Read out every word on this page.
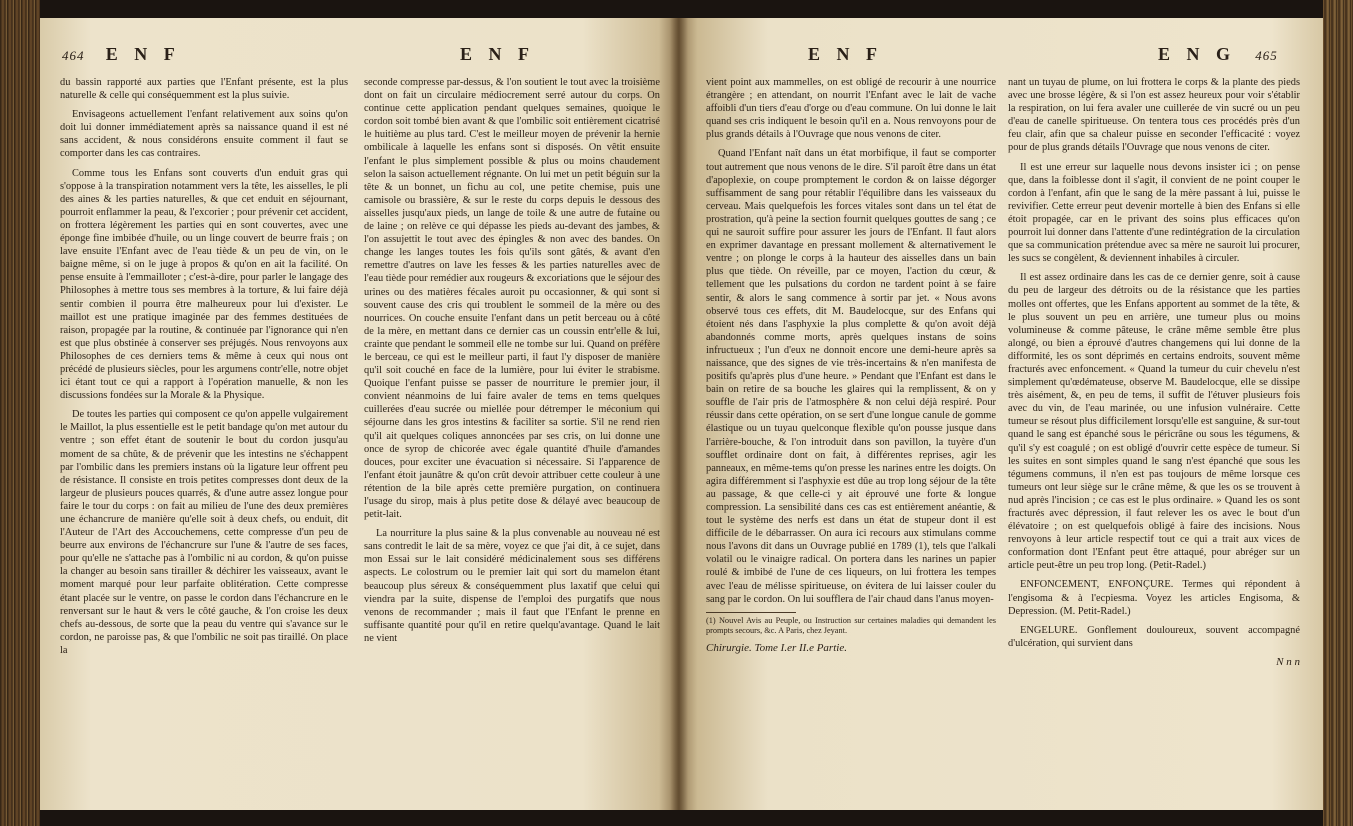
464 E N F	E N F

du bassin rapporté aux parties que l'Enfant présente, est la plus naturelle & celle qui conséquemment est la plus suivie.

Envisageons actuellement l'enfant relativement aux soins qu'on doit lui donner immédiatement après sa naissance quand il est né sans accident, & nous considérons ensuite comment il faut se comporter dans les cas contraires.

Comme tous les Enfans sont couverts d'un enduit gras qui s'oppose à la transpiration notamment vers la tête, les aisselles, le pli des aines & les parties naturelles, & que cet enduit en séjournant, pourroit enflammer la peau, & l'excorier ; pour prévenir cet accident, on frottera légèrement les parties qui en sont couvertes, avec une éponge fine imbibée d'huile, ou un linge couvert de beurre frais ; on lave ensuite l'Enfant avec de l'eau tiède & un peu de vin, on le baigne même, si on le juge à propos & qu'on en ait la facilité. On pense ensuite à l'emmailloter ; c'est-à-dire, pour parler le langage des Philosophes à mettre tous ses membres à la torture, & lui faire déjà sentir combien il pourra être malheureux pour lui d'exister. Le maillot est une pratique imaginée par des femmes destituées de raison, propagée par la routine, & continuée par l'ignorance qui n'en est que plus obstinée à conserver ses préjugés. Nous renvoyons aux Philosophes de ces derniers tems & même à ceux qui nous ont précédé de plusieurs siècles, pour les argumens contr'elle, notre objet ici étant tout ce qui a rapport à l'opération manuelle, & non les discussions fondées sur la Morale & la Physique.

De toutes les parties qui composent ce qu'on appelle vulgairement le Maillot, la plus essentielle est le petit bandage qu'on met autour du ventre ; son effet étant de soutenir le bout du cordon jusqu'au moment de sa chûte, & de prévenir que les intestins ne s'échappent par l'ombilic dans les premiers instans où la ligature leur offrent peu de résistance. Il consiste en trois petites compresses dont deux de la largeur de plusieurs pouces quarrés, & d'une autre assez longue pour faire le tour du corps : on fait au milieu de l'une des deux premières une échancrure de manière qu'elle soit à deux chefs, ou enduit, dit l'Auteur de l'Art des Accouchemens, cette compresse d'un peu de beurre aux environs de l'échancrure sur l'une & l'autre de ses faces, pour qu'elle ne s'attache pas à l'ombilic ni au cordon, & qu'on puisse la changer au besoin sans tirailler & déchirer les vaisseaux, avant le moment marqué pour leur parfaite oblitération. Cette compresse étant placée sur le ventre, on passe le cordon dans l'échancrure en le renversant sur le haut & vers le côté gauche, & l'on croise les deux chefs au-dessous, de sorte que la peau du ventre qui s'avance sur le cordon, ne paroisse pas, & que l'ombilic ne soit pas tiraillé. On place la

seconde compresse par-dessus, & l'on soutient le tout avec la troisième dont on fait un circulaire médiocrement serré autour du corps. On continue cette application pendant quelques semaines, quoique le cordon soit tombé bien avant & que l'ombilic soit entièrement cicatrisé le huitième au plus tard. C'est le meilleur moyen de prévenir la hernie ombilicale à laquelle les enfans sont si disposés. On vêtit ensuite l'enfant le plus simplement possible & plus ou moins chaudement selon la saison actuellement régnante. On lui met un petit béguin sur la tête & un bonnet, un fichu au col, une petite chemise, puis une camisole ou brassière, & sur le reste du corps depuis le dessous des aisselles jusqu'aux pieds, un lange de toile & une autre de futaine ou de laine ; on relève ce qui dépasse les pieds au-devant des jambes, & l'on assujettit le tout avec des épingles & non avec des bandes. On change les langes toutes les fois qu'ils sont gâtés, & avant d'en remettre d'autres on lave les fesses & les parties naturelles avec de l'eau tiède pour remédier aux rougeurs & excoriations que le séjour des urines ou des matières fécales auroit pu occasionner, & qui sont si souvent cause des cris qui troublent le sommeil de la mère ou des nourrices. On couche ensuite l'enfant dans un petit berceau ou à côté de la mère, en mettant dans ce dernier cas un coussin entr'elle & lui, crainte que pendant le sommeil elle ne tombe sur lui. Quand on préfère le berceau, ce qui est le meilleur parti, il faut l'y disposer de manière qu'il soit couché en face de la lumière, pour lui éviter le strabisme. Quoique l'enfant puisse se passer de nourriture le premier jour, il convient néanmoins de lui faire avaler de tems en tems quelques cuillerées d'eau sucrée ou miellée pour détremper le méconium qui séjourne dans les gros intestins & faciliter sa sortie. S'il ne rend rien qu'il ait quelques coliques annoncées par ses cris, on lui donne une once de syrop de chicorée avec égale quantité d'huile d'amandes douces, pour exciter une évacuation si nécessaire. Si l'apparence de l'enfant étoit jaunâtre & qu'on crût devoir attribuer cette couleur à une rétention de la bile après cette première purgation, on continuera l'usage du sirop, mais à plus petite dose & délayé avec beaucoup de petit-lait.

La nourriture la plus saine & la plus convenable au nouveau né est sans contredit le lait de sa mère, voyez ce que j'ai dit, à ce sujet, dans mon Essai sur le lait considéré médicinalement sous ses différens aspects. Le colostrum ou le premier lait qui sort du mamelon étant beaucoup plus séreux & conséquemment plus laxatif que celui qui viendra par la suite, dispense de l'emploi des purgatifs que nous venons de recommander ; mais il faut que l'Enfant le prenne en suffisante quantité pour qu'il en retire quelqu'avantage. Quand le lait ne vient

E N F	E N G 465

vient point aux mammelles, on est obligé de recourir à une nourrice étrangère ; en attendant, on nourrit l'Enfant avec le lait de vache affoibli d'un tiers d'eau d'orge ou d'eau commune. On lui donne le lait quand ses cris indiquent le besoin qu'il en a. Nous renvoyons pour de plus grands détails à l'Ouvrage que nous venons de citer.

Quand l'Enfant naît dans un état morbifique, il faut se comporter tout autrement que nous venons de le dire. S'il paroît être dans un état d'apoplexie, on coupe promptement le cordon & on laisse dégorger suffisamment de sang pour rétablir l'équilibre dans les vaisseaux du cerveau. Mais quelquefois les forces vitales sont dans un tel état de prostration, qu'à peine la section fournit quelques gouttes de sang ; ce qui ne sauroit suffire pour assurer les jours de l'Enfant. Il faut alors en exprimer davantage en pressant mollement & alternativement le ventre ; on plonge le corps à la hauteur des aisselles dans un bain plus que tiède. On réveille, par ce moyen, l'action du cœur, & tellement que les pulsations du cordon ne tardent point à se faire sentir, & alors le sang commence à sortir par jet. « Nous avons observé tous ces effets, dit M. Baudelocque, sur des Enfans qui étoient nés dans l'asphyxie la plus complette & qu'on avoit déjà abandonnés comme morts, après quelques instans de soins infructueux ; l'un d'eux ne donnoit encore une demi-heure après sa naissance, que des signes de vie très-incertains & n'en manifesta de positifs qu'après plus d'une heure. » Pendant que l'Enfant est dans le bain on retire de sa bouche les glaires qui la remplissent, & on y souffle de l'air pris de l'atmosphère & non celui déjà respiré. Pour réussir dans cette opération, on se sert d'une longue canule de gomme élastique ou un tuyau quelconque flexible qu'on pousse jusque dans l'arrière-bouche, & l'on introduit dans son pavillon, la tuyère d'un soufflet ordinaire dont on fait, à différentes reprises, agir les panneaux, en même-tems qu'on presse les narines entre les doigts. On agira différemment si l'asphyxie est dûe au trop long séjour de la tête au passage, & que celle-ci y ait éprouvé une forte & longue compression. La sensibilité dans ces cas est entièrement anéantie, & tout le système des nerfs est dans un état de stupeur dont il est difficile de le débarrasser. On aura ici recours aux stimulans comme nous l'avons dit dans un Ouvrage publié en 1789 (1), tels que l'alkali volatil ou le vinaigre radical. On portera dans les narines un papier roulé & imbibé de l'une de ces liqueurs, on lui frottera les tempes avec l'eau de mélisse spiritueuse, on évitera de lui laisser couler du sang par le cordon. On lui soufflera de l'air chaud dans l'anus moyen-

(1) Nouvel Avis au Peuple, ou Instruction sur certaines maladies qui demandent les prompts secours, &c. A Paris, chez Jeyant.

Chirurgie. Tome I.er II.e Partie.

nant un tuyau de plume, on lui frottera le corps & la plante des pieds avec une brosse légère, & si l'on est assez heureux pour voir s'établir la respiration, on lui fera avaler une cuillerée de vin sucré ou un peu d'eau de canelle spiritueuse. On tentera tous ces procédés près d'un feu clair, afin que sa chaleur puisse en seconder l'efficacité : voyez pour de plus grands détails l'Ouvrage que nous venons de citer.

Il est une erreur sur laquelle nous devons insister ici ; on pense que, dans la foiblesse dont il s'agit, il convient de ne point couper le cordon à l'enfant, afin que le sang de la mère passant à lui, puisse le revivifier. Cette erreur peut devenir mortelle à bien des Enfans si elle étoit propagée, car en le privant des soins plus efficaces qu'on pourroit lui donner dans l'attente d'une redintégration de la circulation que sa communication prétendue avec sa mère ne sauroit lui procurer, les sucs se congèlent, & deviennent inhabiles à circuler.

Il est assez ordinaire dans les cas de ce dernier genre, soit à cause du peu de largeur des détroits ou de la résistance que les parties molles ont offertes, que les Enfans apportent au sommet de la tête, & le plus souvent un peu en arrière, une tumeur plus ou moins volumineuse & comme pâteuse, le crâne même semble être plus alongé, ou bien a éprouvé d'autres changemens qui lui donne de la difformité, les os sont déprimés en certains endroits, souvent même fracturés avec enfoncement. « Quand la tumeur du cuir chevelu n'est simplement qu'œdémateuse, observe M. Baudelocque, elle se dissipe très aisément, &, en peu de tems, il suffit de l'étuver plusieurs fois avec du vin, de l'eau marinée, ou une infusion vulnéraire. Cette tumeur se résout plus difficilement lorsqu'elle est sanguine, & sur-tout quand le sang est épanché sous le péricrâne ou sous les tégumens, & qu'il s'y est coagulé ; on est obligé d'ouvrir cette espèce de tumeur. Si les suites en sont simples quand le sang n'est épanché que sous les tégumens communs, il n'en est pas toujours de même lorsque ces tumeurs ont leur siège sur le crâne même, & que les os se trouvent à nud après l'incision ; ce cas est le plus ordinaire. » Quand les os sont fracturés avec dépression, il faut relever les os avec le bout d'un élévatoire ; on est quelquefois obligé à faire des incisions. Nous renvoyons à leur article respectif tout ce qui a trait aux vices de conformation dont l'Enfant peut être attaqué, pour abréger sur un article peut-être un peu trop long. (Petit-Radel.)

ENFONCEMENT, ENFONÇURE. Termes qui répondent à l'engisoma & à l'ecpiesma. Voyez les articles Engisoma, & Depression. (M. Petit-Radel.)

ENGELURE. Gonflement douloureux, souvent accompagné d'ulcération, qui survient dans

N n n
